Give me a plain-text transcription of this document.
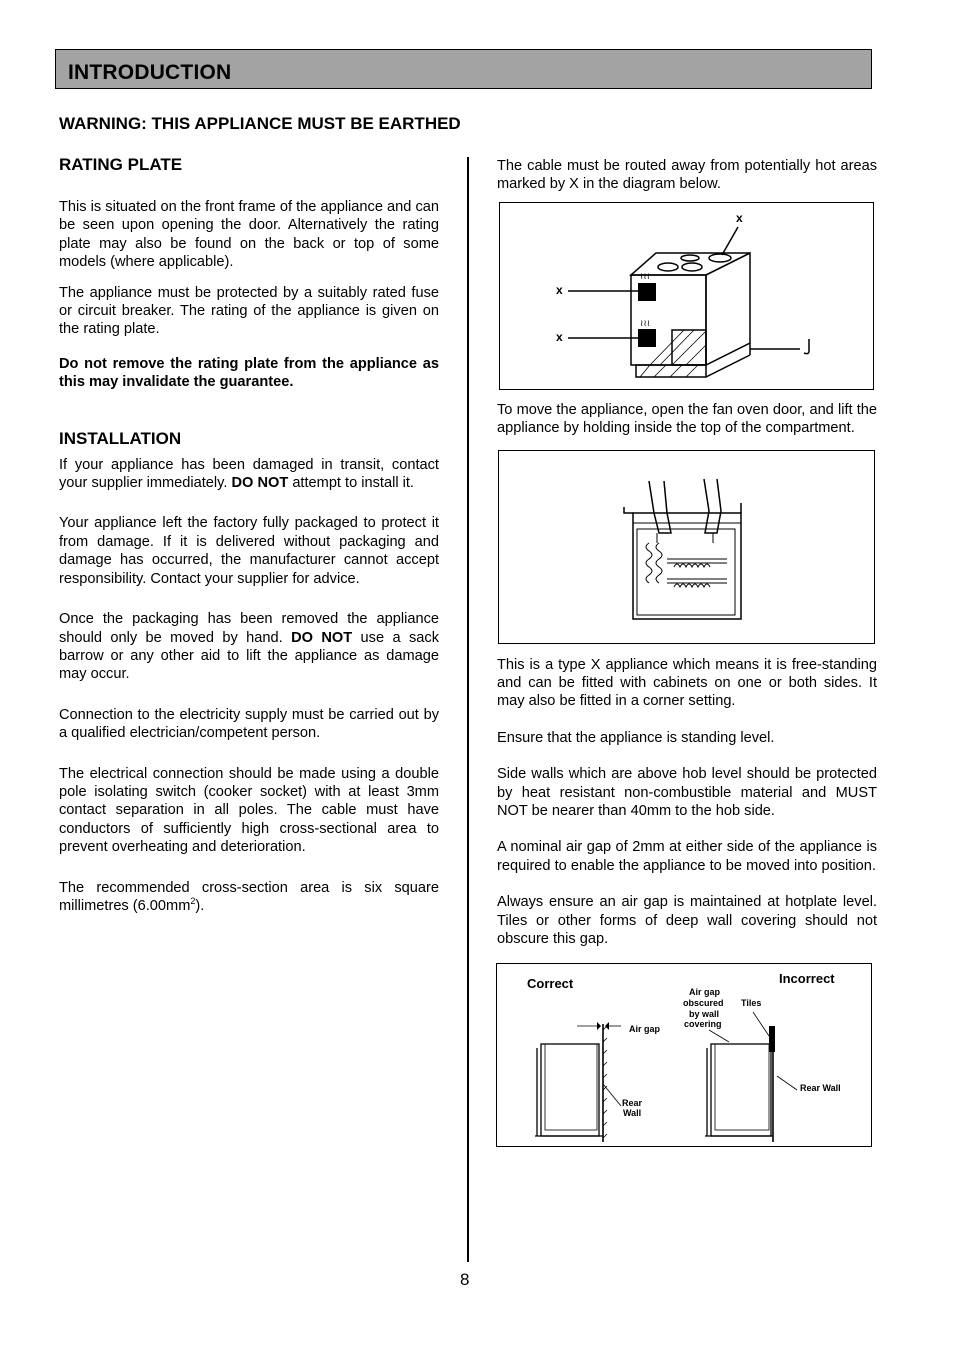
INTRODUCTION

WARNING: THIS APPLIANCE MUST BE EARTHED

RATING PLATE

This is situated on the front frame of the appliance and can be seen upon opening the door. Alternatively the rating plate may also be found on the back or top of some models (where applicable).

The appliance must be protected by a suitably rated fuse or circuit breaker. The rating of the appliance is given on the rating plate.

Do not remove the rating plate from the appliance as this may invalidate the guarantee.

INSTALLATION

If your appliance has been damaged in transit, contact your supplier immediately. DO NOT attempt to install it.

Your appliance left the factory fully packaged to protect it from damage. If it is delivered without packaging and damage has occurred, the manufacturer cannot accept responsibility. Contact your supplier for advice.

Once the packaging has been removed the appliance should only be moved by hand. DO NOT use a sack barrow or any other aid to lift the appliance as damage may occur.

Connection to the electricity supply must be carried out by a qualified electrician/competent person.

The electrical connection should be made using a double pole isolating switch (cooker socket) with at least 3mm contact separation in all poles. The cable must have conductors of sufficiently high cross-sectional area to prevent overheating and deterioration.

The recommended cross-section area is six square millimetres $(6.00mm^2)$.

The cable must be routed away from potentially hot areas marked by X in the diagram below.

≀≀≀
≀≀≀
x
x
x

To move the appliance, open the fan oven door, and lift the appliance by holding inside the top of the compartment.

This is a type X appliance which means it is free-standing and can be fitted with cabinets on one or both sides. It may also be fitted in a corner setting.

Ensure that the appliance is standing level.

Side walls which are above hob level should be protected by heat resistant non-combustible material and MUST NOT be nearer than 40mm to the hob side.

A nominal air gap of 2mm at either side of the appliance is required to enable the appliance to be moved into position.

Always ensure an air gap is maintained at hotplate level. Tiles or other forms of deep wall covering should not obscure this gap.

Correct	Incorrect
Air gap
Rear
Wall
Air gap
obscured
by wall
covering
Tiles
Rear Wall
8
